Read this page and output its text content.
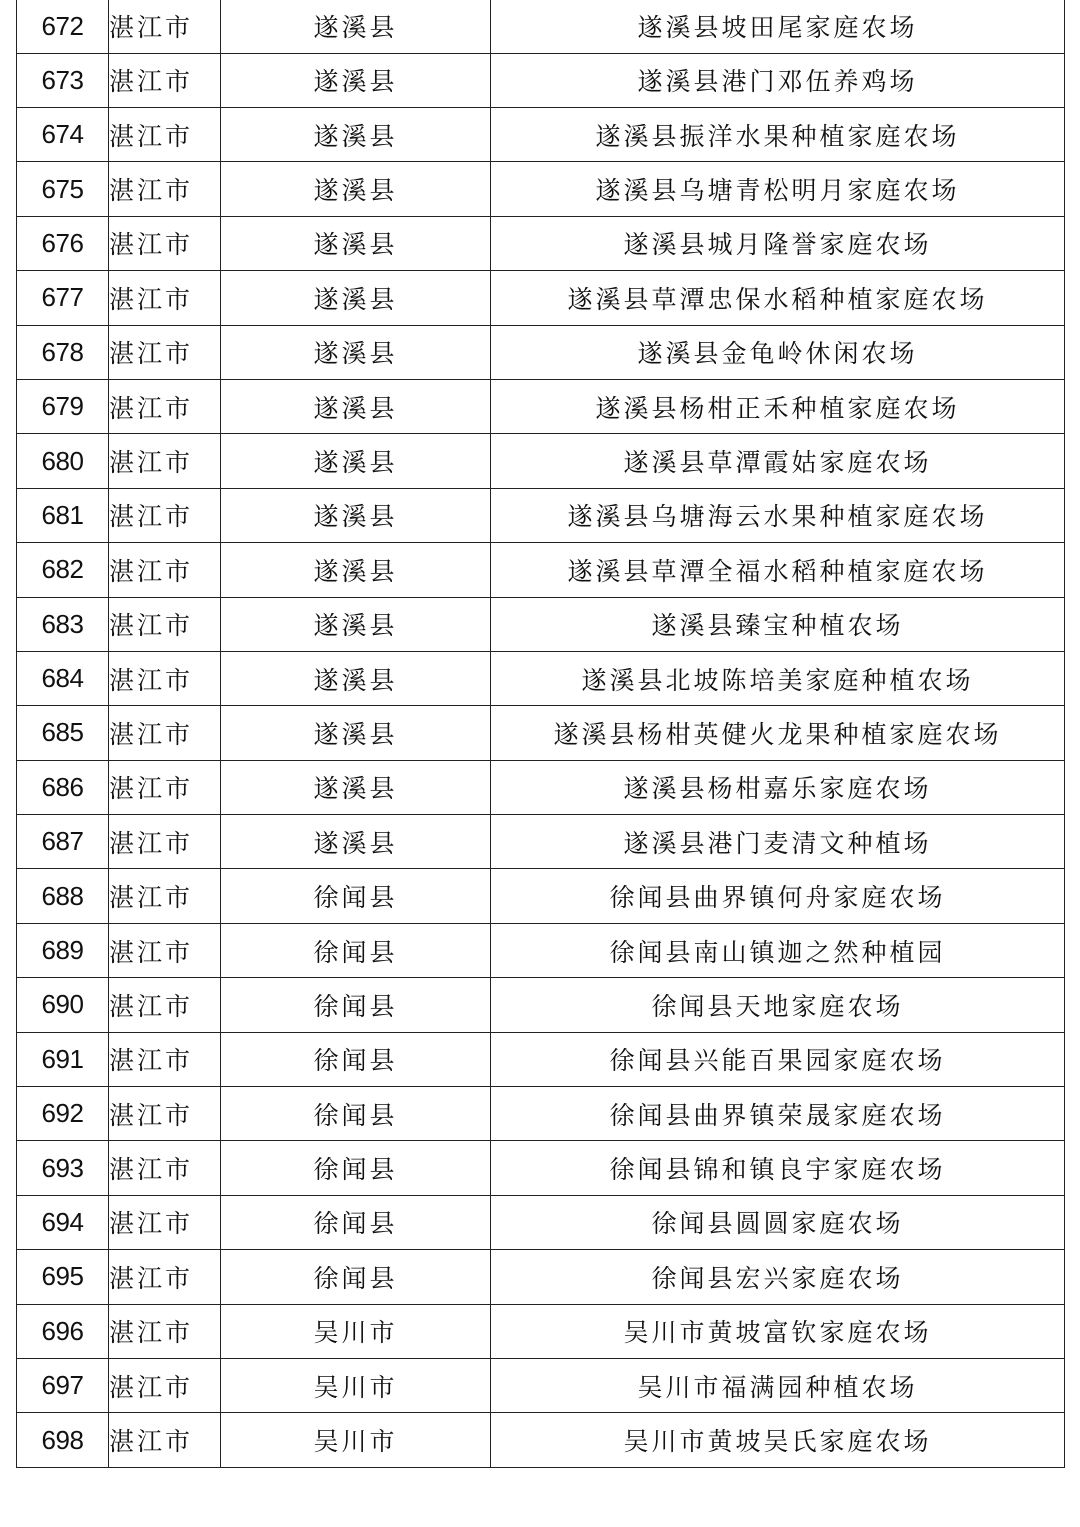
672	湛江市	遂溪县	遂溪县坡田尾家庭农场
673	湛江市	遂溪县	遂溪县港门邓伍养鸡场
674	湛江市	遂溪县	遂溪县振洋水果种植家庭农场
675	湛江市	遂溪县	遂溪县乌塘青松明月家庭农场
676	湛江市	遂溪县	遂溪县城月隆誉家庭农场
677	湛江市	遂溪县	遂溪县草潭忠保水稻种植家庭农场
678	湛江市	遂溪县	遂溪县金龟岭休闲农场
679	湛江市	遂溪县	遂溪县杨柑正禾种植家庭农场
680	湛江市	遂溪县	遂溪县草潭霞姑家庭农场
681	湛江市	遂溪县	遂溪县乌塘海云水果种植家庭农场
682	湛江市	遂溪县	遂溪县草潭全福水稻种植家庭农场
683	湛江市	遂溪县	遂溪县臻宝种植农场
684	湛江市	遂溪县	遂溪县北坡陈培美家庭种植农场
685	湛江市	遂溪县	遂溪县杨柑英健火龙果种植家庭农场
686	湛江市	遂溪县	遂溪县杨柑嘉乐家庭农场
687	湛江市	遂溪县	遂溪县港门麦清文种植场
688	湛江市	徐闻县	徐闻县曲界镇何舟家庭农场
689	湛江市	徐闻县	徐闻县南山镇迦之然种植园
690	湛江市	徐闻县	徐闻县天地家庭农场
691	湛江市	徐闻县	徐闻县兴能百果园家庭农场
692	湛江市	徐闻县	徐闻县曲界镇荣晟家庭农场
693	湛江市	徐闻县	徐闻县锦和镇良宇家庭农场
694	湛江市	徐闻县	徐闻县圆圆家庭农场
695	湛江市	徐闻县	徐闻县宏兴家庭农场
696	湛江市	吴川市	吴川市黄坡富钦家庭农场
697	湛江市	吴川市	吴川市福满园种植农场
698	湛江市	吴川市	吴川市黄坡吴氏家庭农场
